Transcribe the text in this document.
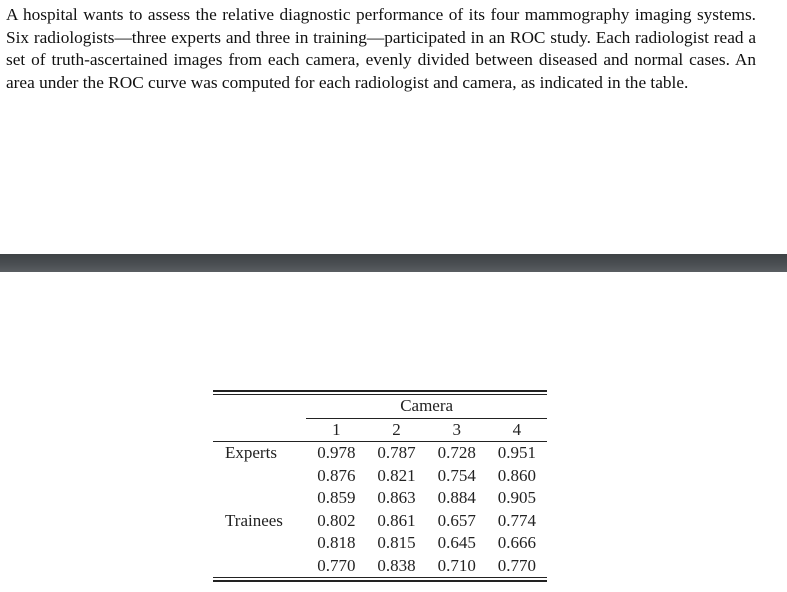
A hospital wants to assess the relative diagnostic performance of its four mammography imaging systems. Six radiologists—three experts and three in training—participated in an ROC study. Each radiologist read a set of truth-ascertained images from each camera, evenly divided between diseased and normal cases. An area under the ROC curve was computed for each radiologist and camera, as indicated in the table.

	Camera			
	1	2	3	4
Experts	0.978	0.787	0.728	0.951
	0.876	0.821	0.754	0.860
	0.859	0.863	0.884	0.905
Trainees	0.802	0.861	0.657	0.774
	0.818	0.815	0.645	0.666
	0.770	0.838	0.710	0.770
